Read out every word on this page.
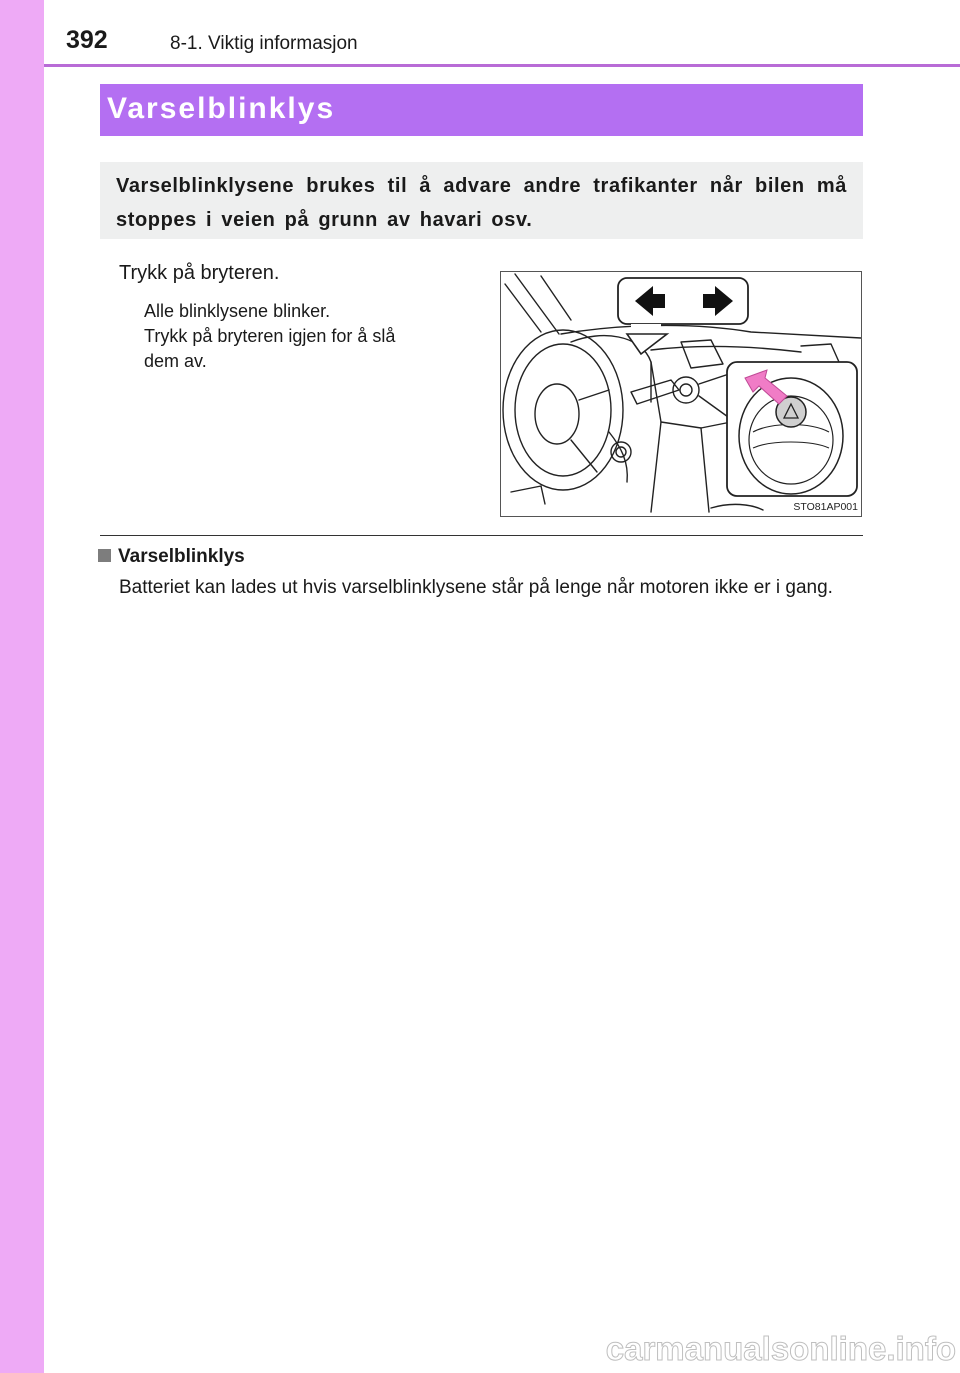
392	8-1. Viktig informasjon
Varselblinklys

Varselblinklysene brukes til å advare andre trafikanter når bilen må stoppes i veien på grunn av havari osv.

Trykk på bryteren.
Alle blinklysene blinker.
Trykk på bryteren igjen for å slå
dem av.
STO81AP001
Varselblinklys
Batteriet kan lades ut hvis varselblinklysene står på lenge når motoren ikke er i gang.
carmanualsonline.info
